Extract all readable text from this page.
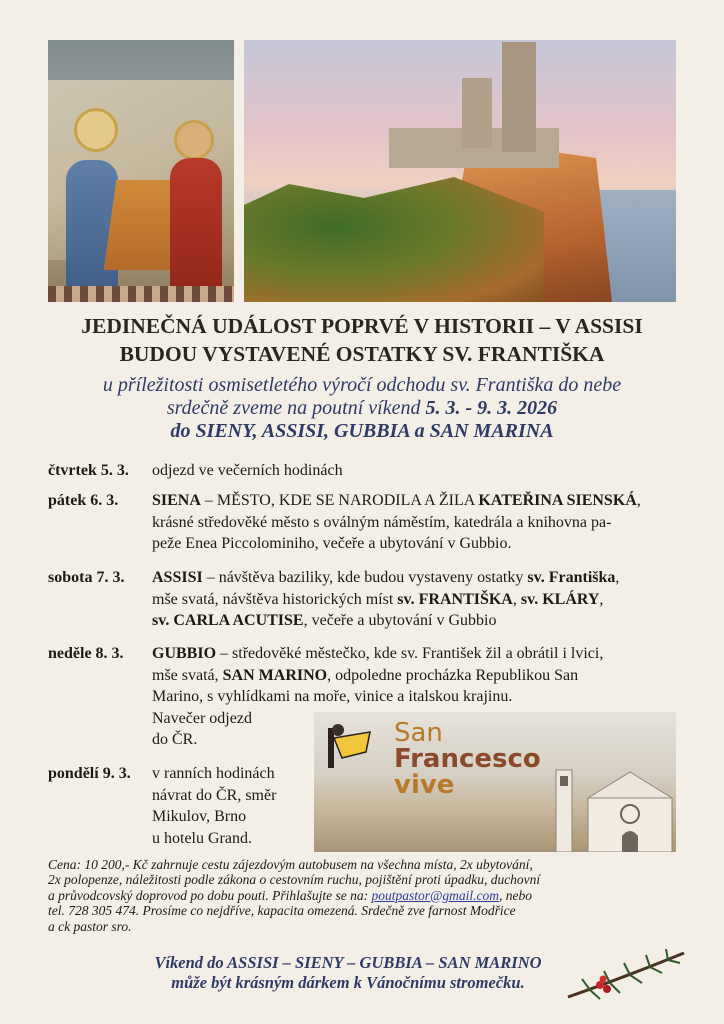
JEDINEČNÁ UDÁLOST POPRVÉ V HISTORII – V ASSISI
BUDOU VYSTAVENÉ OSTATKY SV. FRANTIŠKA
u příležitosti osmisetletého výročí odchodu sv. Františka do nebe
srdečně zveme na poutní víkend 5. 3. - 9. 3. 2026
do SIENY, ASSISI, GUBBIA a SAN MARINA
čtvrtek 5. 3.	odjezd ve večerních hodinách
pátek 6. 3.	SIENA – MĚSTO, KDE SE NARODILA A ŽILA KATEŘINA SIENSKÁ,
krásné středověké město s oválným náměstím, katedrála a knihovna pa-
peže Enea Piccolominiho, večeře a ubytování v Gubbio.
sobota 7. 3.	ASSISI – návštěva baziliky, kde budou vystaveny ostatky sv. Františka,
mše svatá, návštěva historických míst sv. FRANTIŠKA, sv. KLÁRY,
sv. CARLA ACUTISE, večeře a ubytování v Gubbio
neděle 8. 3.	GUBBIO – středověké městečko, kde sv. František žil a obrátil i lvici,
mše svatá, SAN MARINO, odpoledne procházka Republikou San
Marino, s vyhlídkami na moře, vinice a italskou krajinu.
Navečer odjezd
do ČR.
pondělí 9. 3.	v ranních hodinách
návrat do ČR, směr
Mikulov, Brno
u hotelu Grand.
San
Francesco
vive
Cena: 10 200,- Kč zahrnuje cestu zájezdovým autobusem na všechna místa, 2x ubytování,
2x polopenze, náležitosti podle zákona o cestovním ruchu, pojištění proti úpadku, duchovní
a průvodcovský doprovod po dobu pouti. Přihlašujte se na: poutpastor@gmail.com, nebo
tel. 728 305 474. Prosíme co nejdříve, kapacita omezená. Srdečně zve farnost Modřice
a ck pastor sro.
Víkend do ASSISI – SIENY – GUBBIA – SAN MARINO
může být krásným dárkem k Vánočnímu stromečku.
